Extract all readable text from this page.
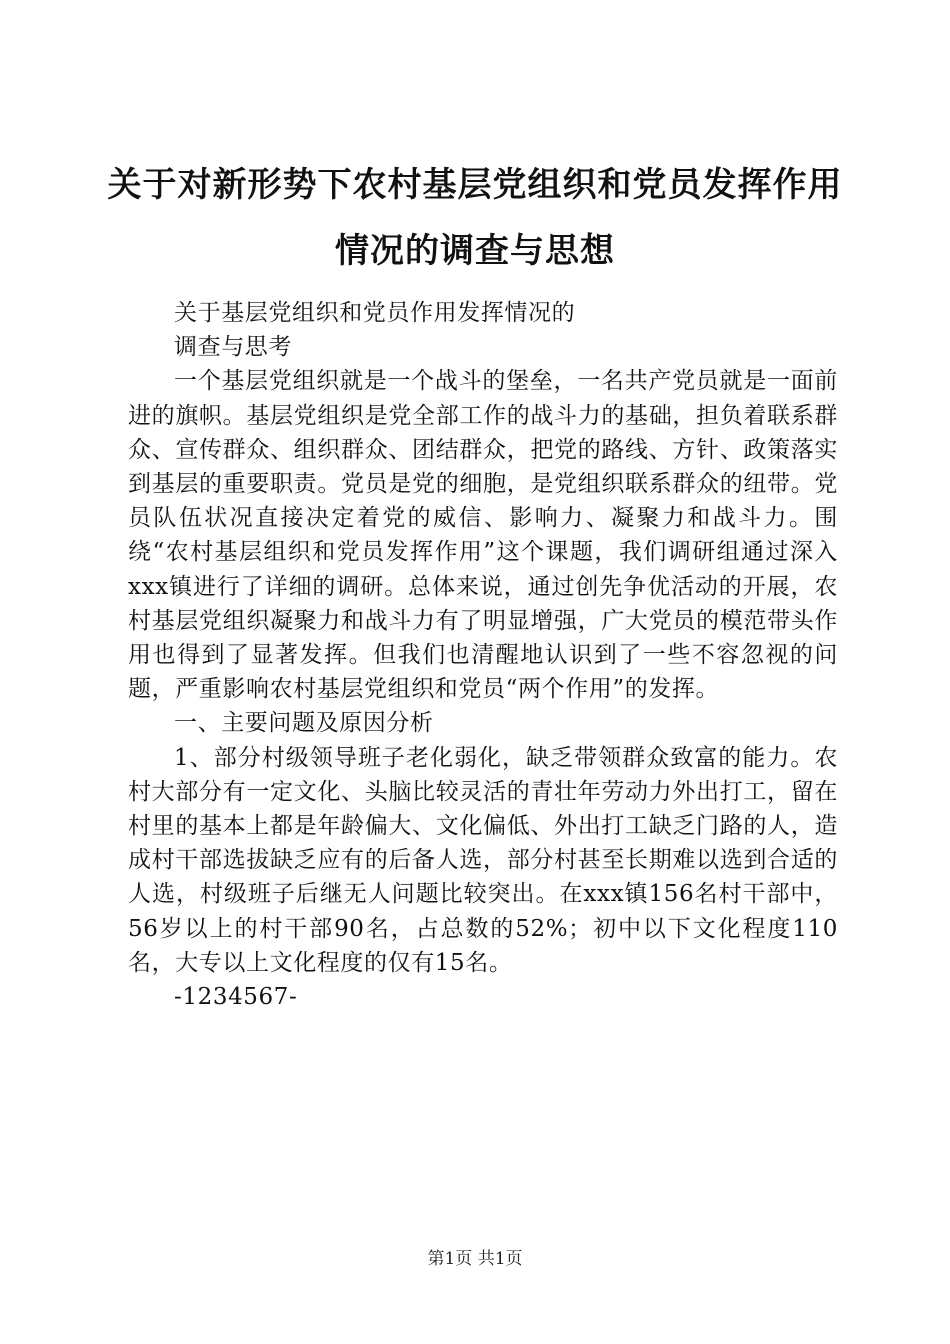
关于对新形势下农村基层党组织和党员发挥作用情况的调查与思想

关于基层党组织和党员作用发挥情况的

调查与思考

一个基层党组织就是一个战斗的堡垒，一名共产党员就是一面前进的旗帜。基层党组织是党全部工作的战斗力的基础，担负着联系群众、宣传群众、组织群众、团结群众，把党的路线、方针、政策落实到基层的重要职责。党员是党的细胞，是党组织联系群众的纽带。党员队伍状况直接决定着党的威信、影响力、凝聚力和战斗力。围绕“农村基层组织和党员发挥作用”这个课题，我们调研组通过深入xxx镇进行了详细的调研。总体来说，通过创先争优活动的开展，农村基层党组织凝聚力和战斗力有了明显增强，广大党员的模范带头作用也得到了显著发挥。但我们也清醒地认识到了一些不容忽视的问题，严重影响农村基层党组织和党员“两个作用”的发挥。

一、主要问题及原因分析

1、部分村级领导班子老化弱化，缺乏带领群众致富的能力。农村大部分有一定文化、头脑比较灵活的青壮年劳动力外出打工，留在村里的基本上都是年龄偏大、文化偏低、外出打工缺乏门路的人，造成村干部选拔缺乏应有的后备人选，部分村甚至长期难以选到合适的人选，村级班子后继无人问题比较突出。在xxx镇156名村干部中，56岁以上的村干部90名，占总数的52%；初中以下文化程度110名，大专以上文化程度的仅有15名。

-1234567-

第1页 共1页
